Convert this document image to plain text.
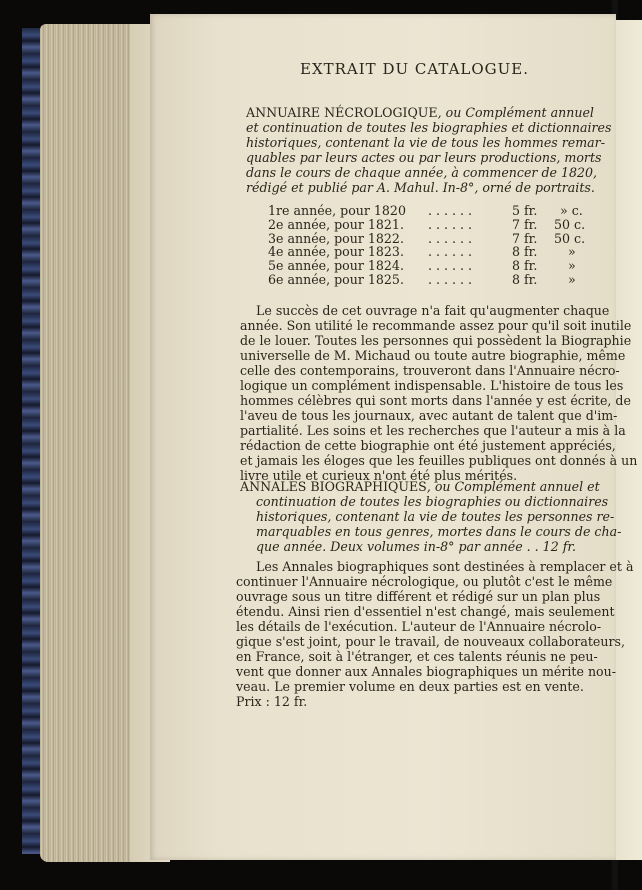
EXTRAIT DU CATALOGUE.
ANNUAIRE NÉCROLOGIQUE, ou Complément annuel
et continuation de toutes les biographies et dictionnaires
historiques, contenant la vie de tous les hommes remar-
quables par leurs actes ou par leurs productions, morts
dans le cours de chaque année, à commencer de 1820,
rédigé et publié par A. Mahul. In-8°, orné de portraits.
1re année, pour 1820 . . . . . .	5 fr. » c.
2e année, pour 1821. . . . . . .	7 fr. 50 c.
3e année, pour 1822. . . . . . .	7 fr. 50 c.
4e année, pour 1823. . . . . . .	8 fr. »
5e année, pour 1824. . . . . . .	8 fr. »
6e année, pour 1825. . . . . . .	8 fr. »
Le succès de cet ouvrage n'a fait qu'augmenter chaque
année. Son utilité le recommande assez pour qu'il soit inutile
de le louer. Toutes les personnes qui possèdent la Biographie
universelle de M. Michaud ou toute autre biographie, même
celle des contemporains, trouveront dans l'Annuaire nécro-
logique un complément indispensable. L'histoire de tous les
hommes célèbres qui sont morts dans l'année y est écrite, de
l'aveu de tous les journaux, avec autant de talent que d'im-
partialité. Les soins et les recherches que l'auteur a mis à la
rédaction de cette biographie ont été justement appréciés,
et jamais les éloges que les feuilles publiques ont donnés à un
livre utile et curieux n'ont été plus mérités.
ANNALES BIOGRAPHIQUES, ou Complément annuel et
continuation de toutes les biographies ou dictionnaires
historiques, contenant la vie de toutes les personnes re-
marquables en tous genres, mortes dans le cours de cha-
que année. Deux volumes in-8° par année . . 12 fr.
Les Annales biographiques sont destinées à remplacer et à
continuer l'Annuaire nécrologique, ou plutôt c'est le même
ouvrage sous un titre différent et rédigé sur un plan plus
étendu. Ainsi rien d'essentiel n'est changé, mais seulement
les détails de l'exécution. L'auteur de l'Annuaire nécrolo-
gique s'est joint, pour le travail, de nouveaux collaborateurs,
en France, soit à l'étranger, et ces talents réunis ne peu-
vent que donner aux Annales biographiques un mérite nou-
veau. Le premier volume en deux parties est en vente.
Prix : 12 fr.
